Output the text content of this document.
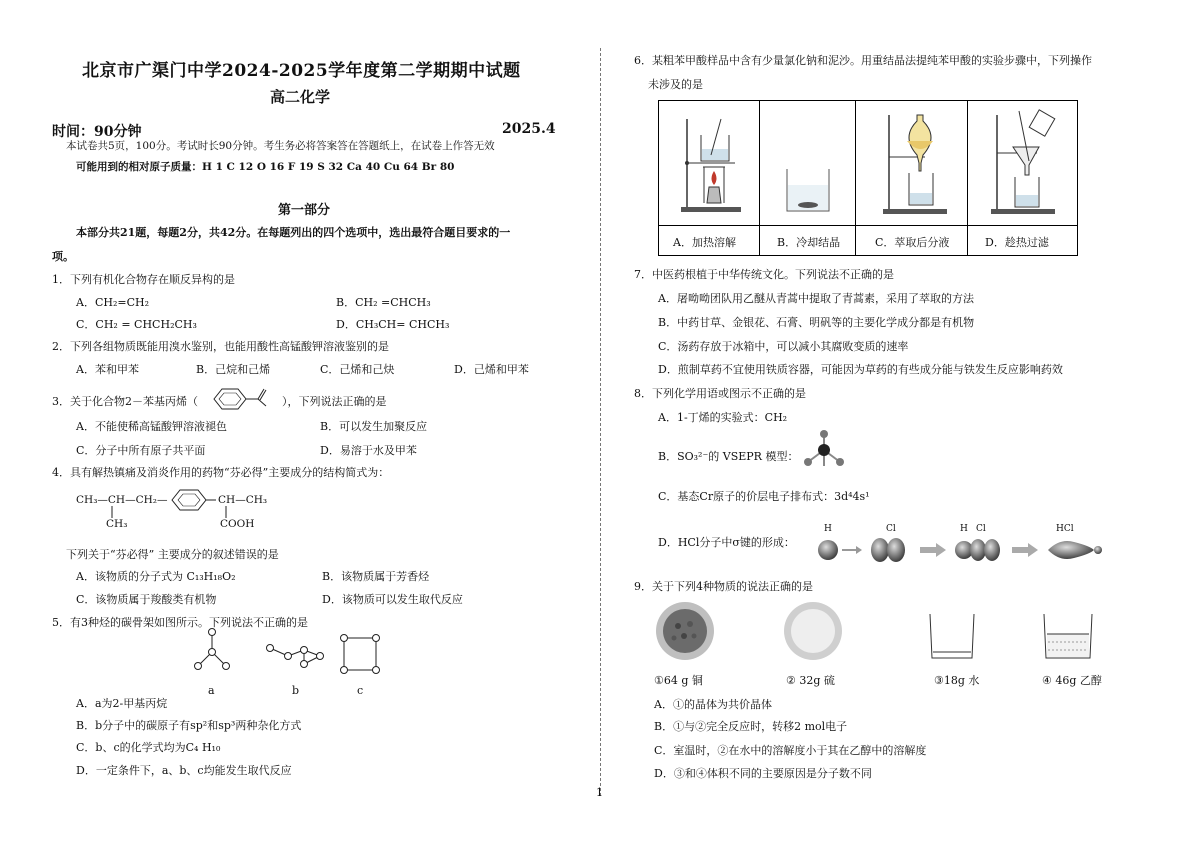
北京市广渠门中学2024-2025学年度第二学期期中试题
高二化学
时间：90分钟	2025.4
本试卷共5页，100分。考试时长90分钟。考生务必将答案答在答题纸上，在试卷上作答无效
可能用到的相对原子质量：H 1 C 12 O 16 F 19 S 32 Ca 40 Cu 64 Br 80
第一部分
本部分共21题，每题2分，共42分。在每题列出的四个选项中，选出最符合题目要求的一
项。
1．下列有机化合物存在顺反异构的是
A．CH₂=CH₂	B．CH₂ =CHCH₃
C．CH₂ = CHCH₂CH₃	D．CH₃CH= CHCH₃
2．下列各组物质既能用溴水鉴别，也能用酸性高锰酸钾溶液鉴别的是
A．苯和甲苯	B．己烷和己烯	C．己烯和己炔	D．己烯和甲苯
3．关于化合物2－苯基丙烯（	），下列说法正确的是
A．不能使稀高锰酸钾溶液褪色	B．可以发生加聚反应
C．分子中所有原子共平面	D．易溶于水及甲苯
4．具有解热镇痛及消炎作用的药物“芬必得”主要成分的结构简式为：
CH₃—CH—CH₂—	CH—CH₃
CH₃	COOH
下列关于“芬必得” 主要成分的叙述错误的是
A．该物质的分子式为 C₁₃H₁₈O₂	B．该物质属于芳香烃
C．该物质属于羧酸类有机物	D．该物质可以发生取代反应
5．有3种烃的碳骨架如图所示。下列说法不正确的是
a	b	c
A．a为2-甲基丙烷
B．b分子中的碳原子有sp²和sp³两种杂化方式
C．b、c的化学式均为C₄ H₁₀
D．一定条件下，a、b、c均能发生取代反应
1
6．某粗苯甲酸样品中含有少量氯化钠和泥沙。用重结晶法提纯苯甲酸的实验步骤中，下列操作
未涉及的是
A．加热溶解	B．冷却结晶	C．萃取后分液	D．趁热过滤
7．中医药根植于中华传统文化。下列说法不正确的是
A．屠呦呦团队用乙醚从青蒿中提取了青蒿素，采用了萃取的方法
B．中药甘草、金银花、石膏、明矾等的主要化学成分都是有机物
C．汤药存放于冰箱中，可以减小其腐败变质的速率
D．煎制草药不宜使用铁质容器，可能因为草药的有些成分能与铁发生反应影响药效
8．下列化学用语或图示不正确的是
A．1-丁烯的实验式：CH₂
B．SO₃²⁻的 VSEPR 模型：
C．基态Cr原子的价层电子排布式：3d⁴4s¹
D．HCl分子中σ键的形成：
H	Cl	H Cl	HCl
9．关于下列4种物质的说法正确的是
①64 g 铜	② 32g 硫	③18g 水	④ 46g 乙醇
A．①的晶体为共价晶体
B．①与②完全反应时，转移2 mol电子
C．室温时，②在水中的溶解度小于其在乙醇中的溶解度
D．③和④体积不同的主要原因是分子数不同
